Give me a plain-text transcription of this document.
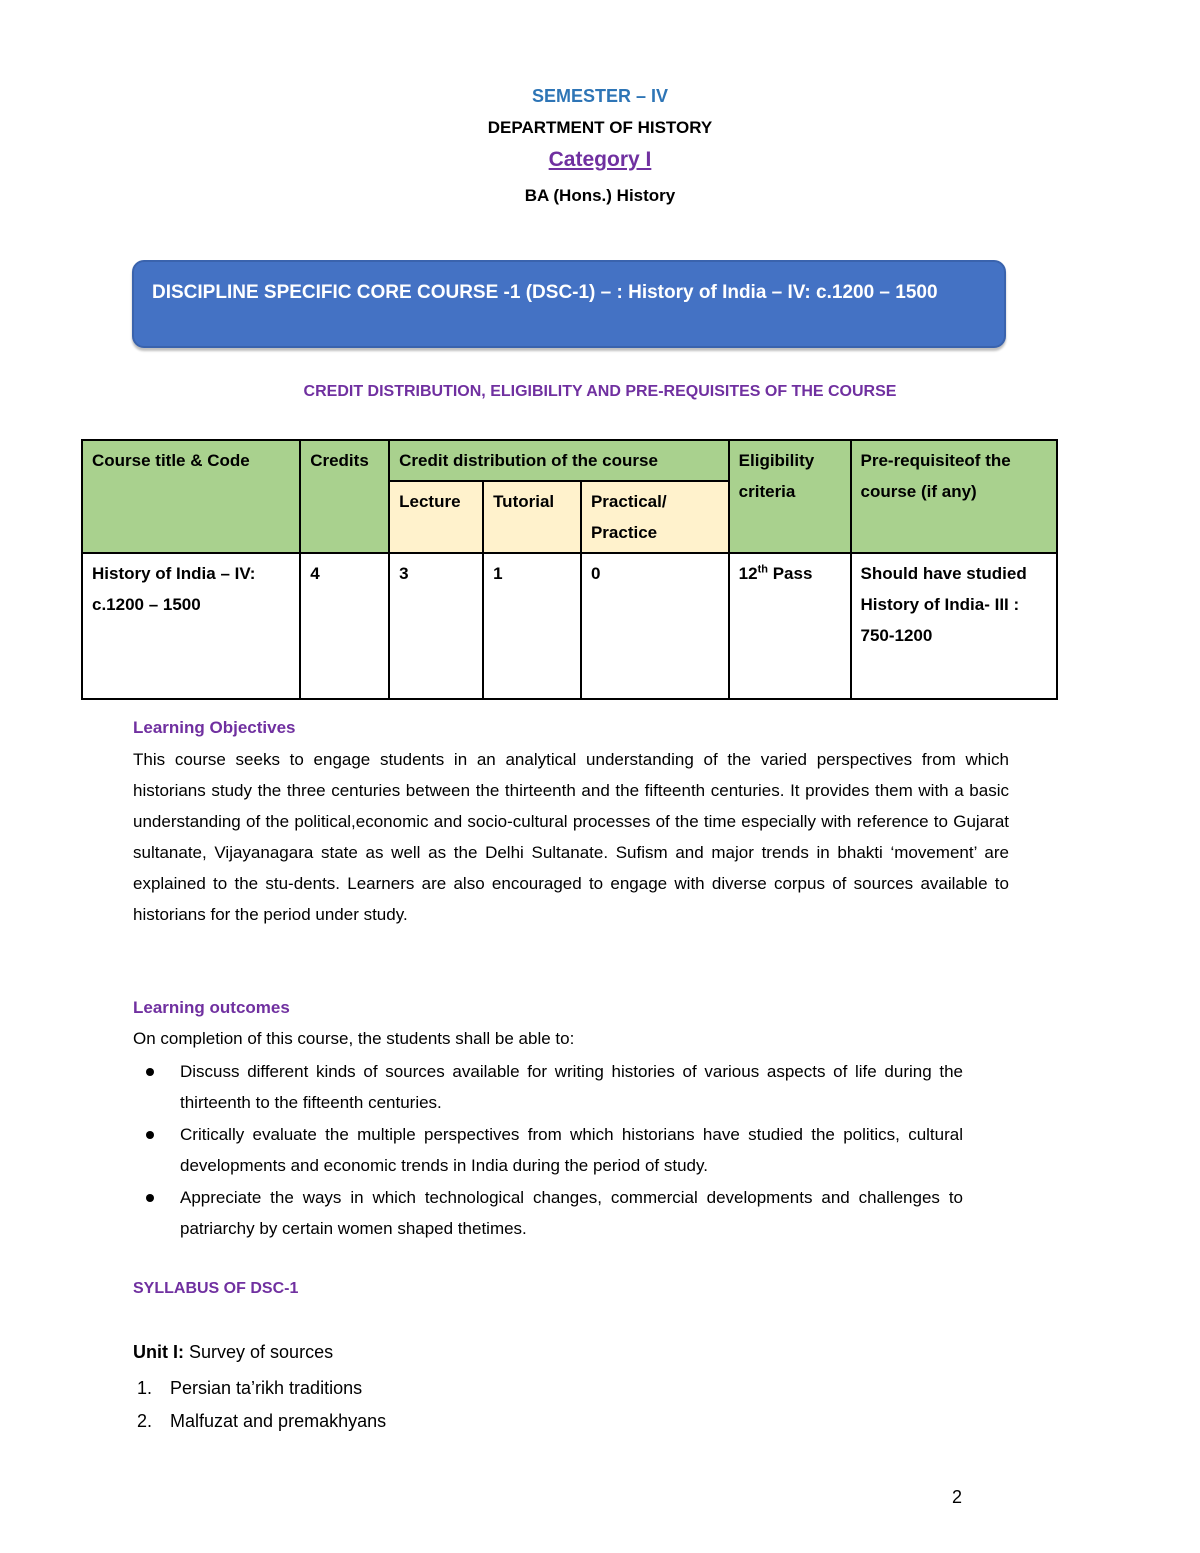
SEMESTER – IV
DEPARTMENT OF HISTORY
Category I
BA (Hons.) History
DISCIPLINE SPECIFIC CORE COURSE -1 (DSC-1) – : History of India – IV: c.1200 – 1500
CREDIT DISTRIBUTION, ELIGIBILITY AND PRE-REQUISITES OF THE COURSE
Course title & Code	Credits	Credit distribution of the course			Eligibility criteria	Pre-requisiteof the course (if any)
		Lecture	Tutorial	Practical/ Practice		
History of India – IV: c.1200 – 1500	4	3	1	0	12th Pass	Should have studied History of India- III : 750-1200
Learning Objectives
This course seeks to engage students in an analytical understanding of the varied perspectives from which historians study the three centuries between the thirteenth and the fifteenth centuries. It provides them with a basic understanding of the political,economic and socio-cultural processes of the time especially with reference to Gujarat sultanate, Vijayanagara state as well as the Delhi Sultanate. Sufism and major trends in bhakti ‘movement’ are explained to the stu-dents. Learners are also encouraged to engage with diverse corpus of sources available to historians for the period under study.
Learning outcomes
On completion of this course, the students shall be able to:
Discuss different kinds of sources available for writing histories of various aspects of life during the thirteenth to the fifteenth centuries.
Critically evaluate the multiple perspectives from which historians have studied the politics, cultural developments and economic trends in India during the period of study.
Appreciate the ways in which technological changes, commercial developments and challenges to patriarchy by certain women shaped thetimes.
SYLLABUS OF DSC-1
Unit I: Survey of sources
1. Persian ta’rikh traditions
2. Malfuzat and premakhyans
2
